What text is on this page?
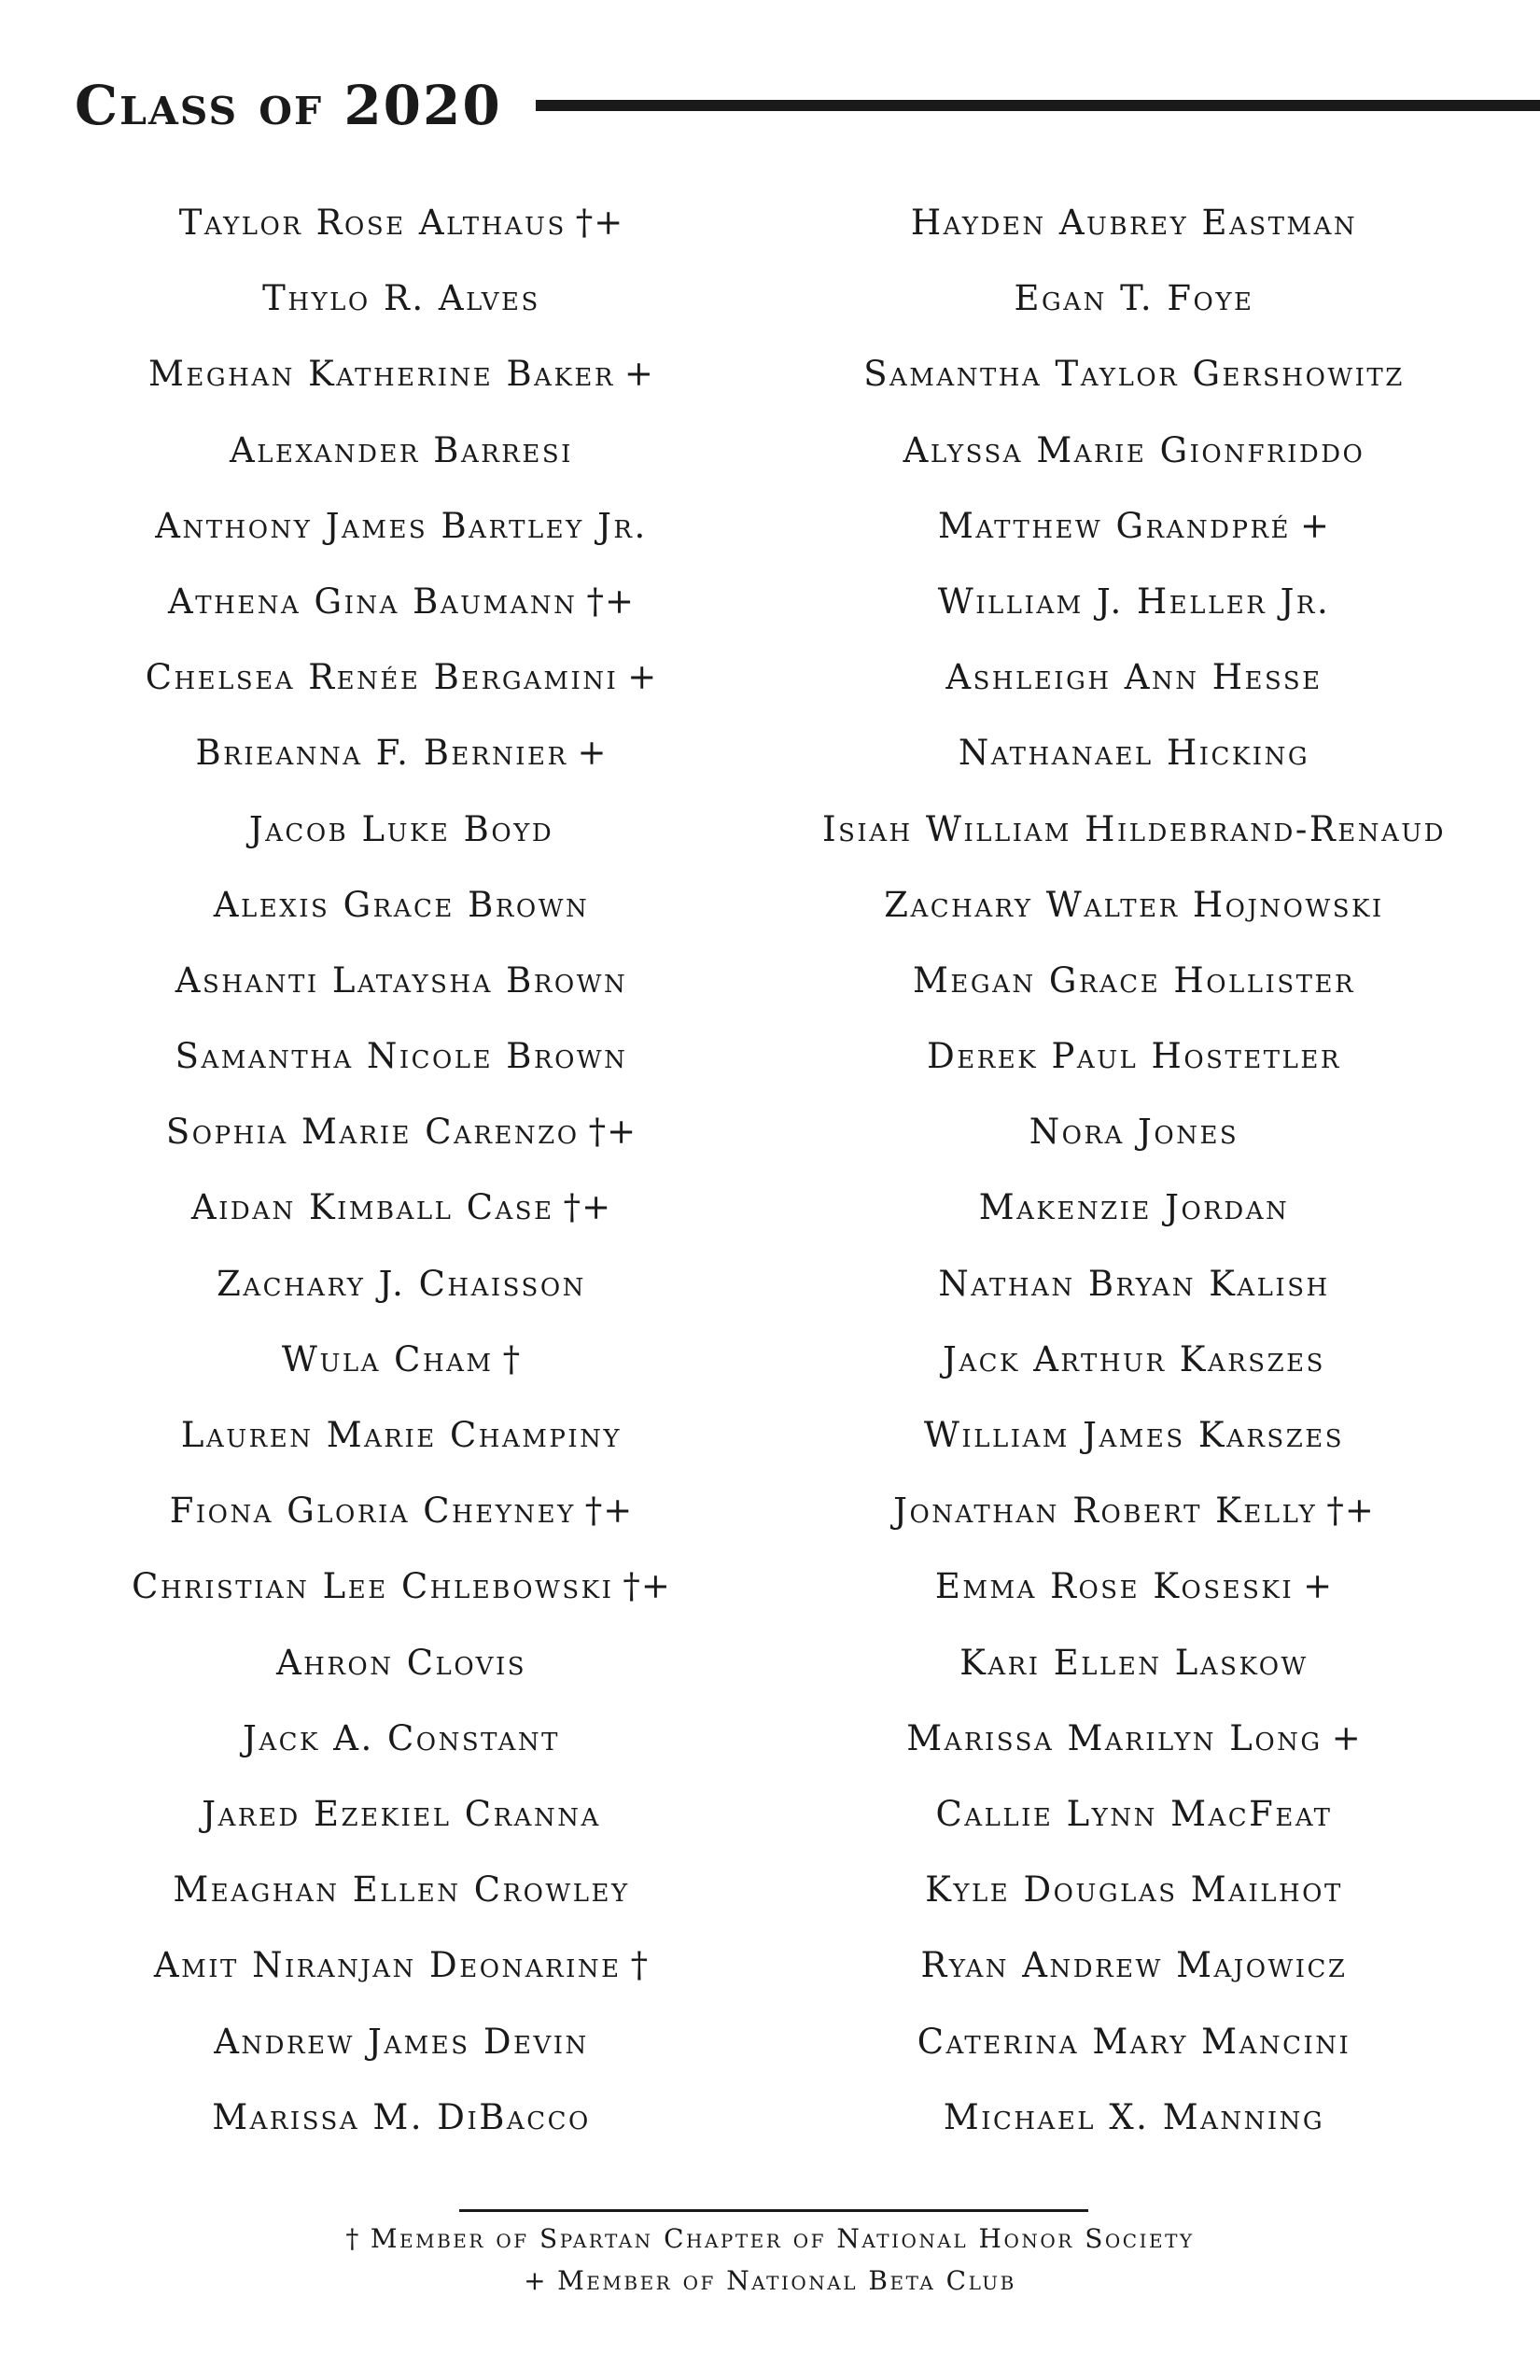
Class of 2020
Taylor Rose Althaus †+
Thylo R. Alves
Meghan Katherine Baker +
Alexander Barresi
Anthony James Bartley Jr.
Athena Gina Baumann †+
Chelsea Renée Bergamini +
Brieanna F. Bernier +
Jacob Luke Boyd
Alexis Grace Brown
Ashanti Lataysha Brown
Samantha Nicole Brown
Sophia Marie Carenzo †+
Aidan Kimball Case †+
Zachary J. Chaisson
Wula Cham †
Lauren Marie Champiny
Fiona Gloria Cheyney †+
Christian Lee Chlebowski †+
Ahron Clovis
Jack A. Constant
Jared Ezekiel Cranna
Meaghan Ellen Crowley
Amit Niranjan Deonarine †
Andrew James Devin
Marissa M. DiBacco
Hayden Aubrey Eastman
Egan T. Foye
Samantha Taylor Gershowitz
Alyssa Marie Gionfriddo
Matthew Grandpré +
William J. Heller Jr.
Ashleigh Ann Hesse
Nathanael Hicking
Isiah William Hildebrand-Renaud
Zachary Walter Hojnowski
Megan Grace Hollister
Derek Paul Hostetler
Nora Jones
Makenzie Jordan
Nathan Bryan Kalish
Jack Arthur Karszes
William James Karszes
Jonathan Robert Kelly †+
Emma Rose Koseski +
Kari Ellen Laskow
Marissa Marilyn Long +
Callie Lynn MacFeat
Kyle Douglas Mailhot
Ryan Andrew Majowicz
Caterina Mary Mancini
Michael X. Manning
† Member of Spartan Chapter of National Honor Society
+ Member of National Beta Club
